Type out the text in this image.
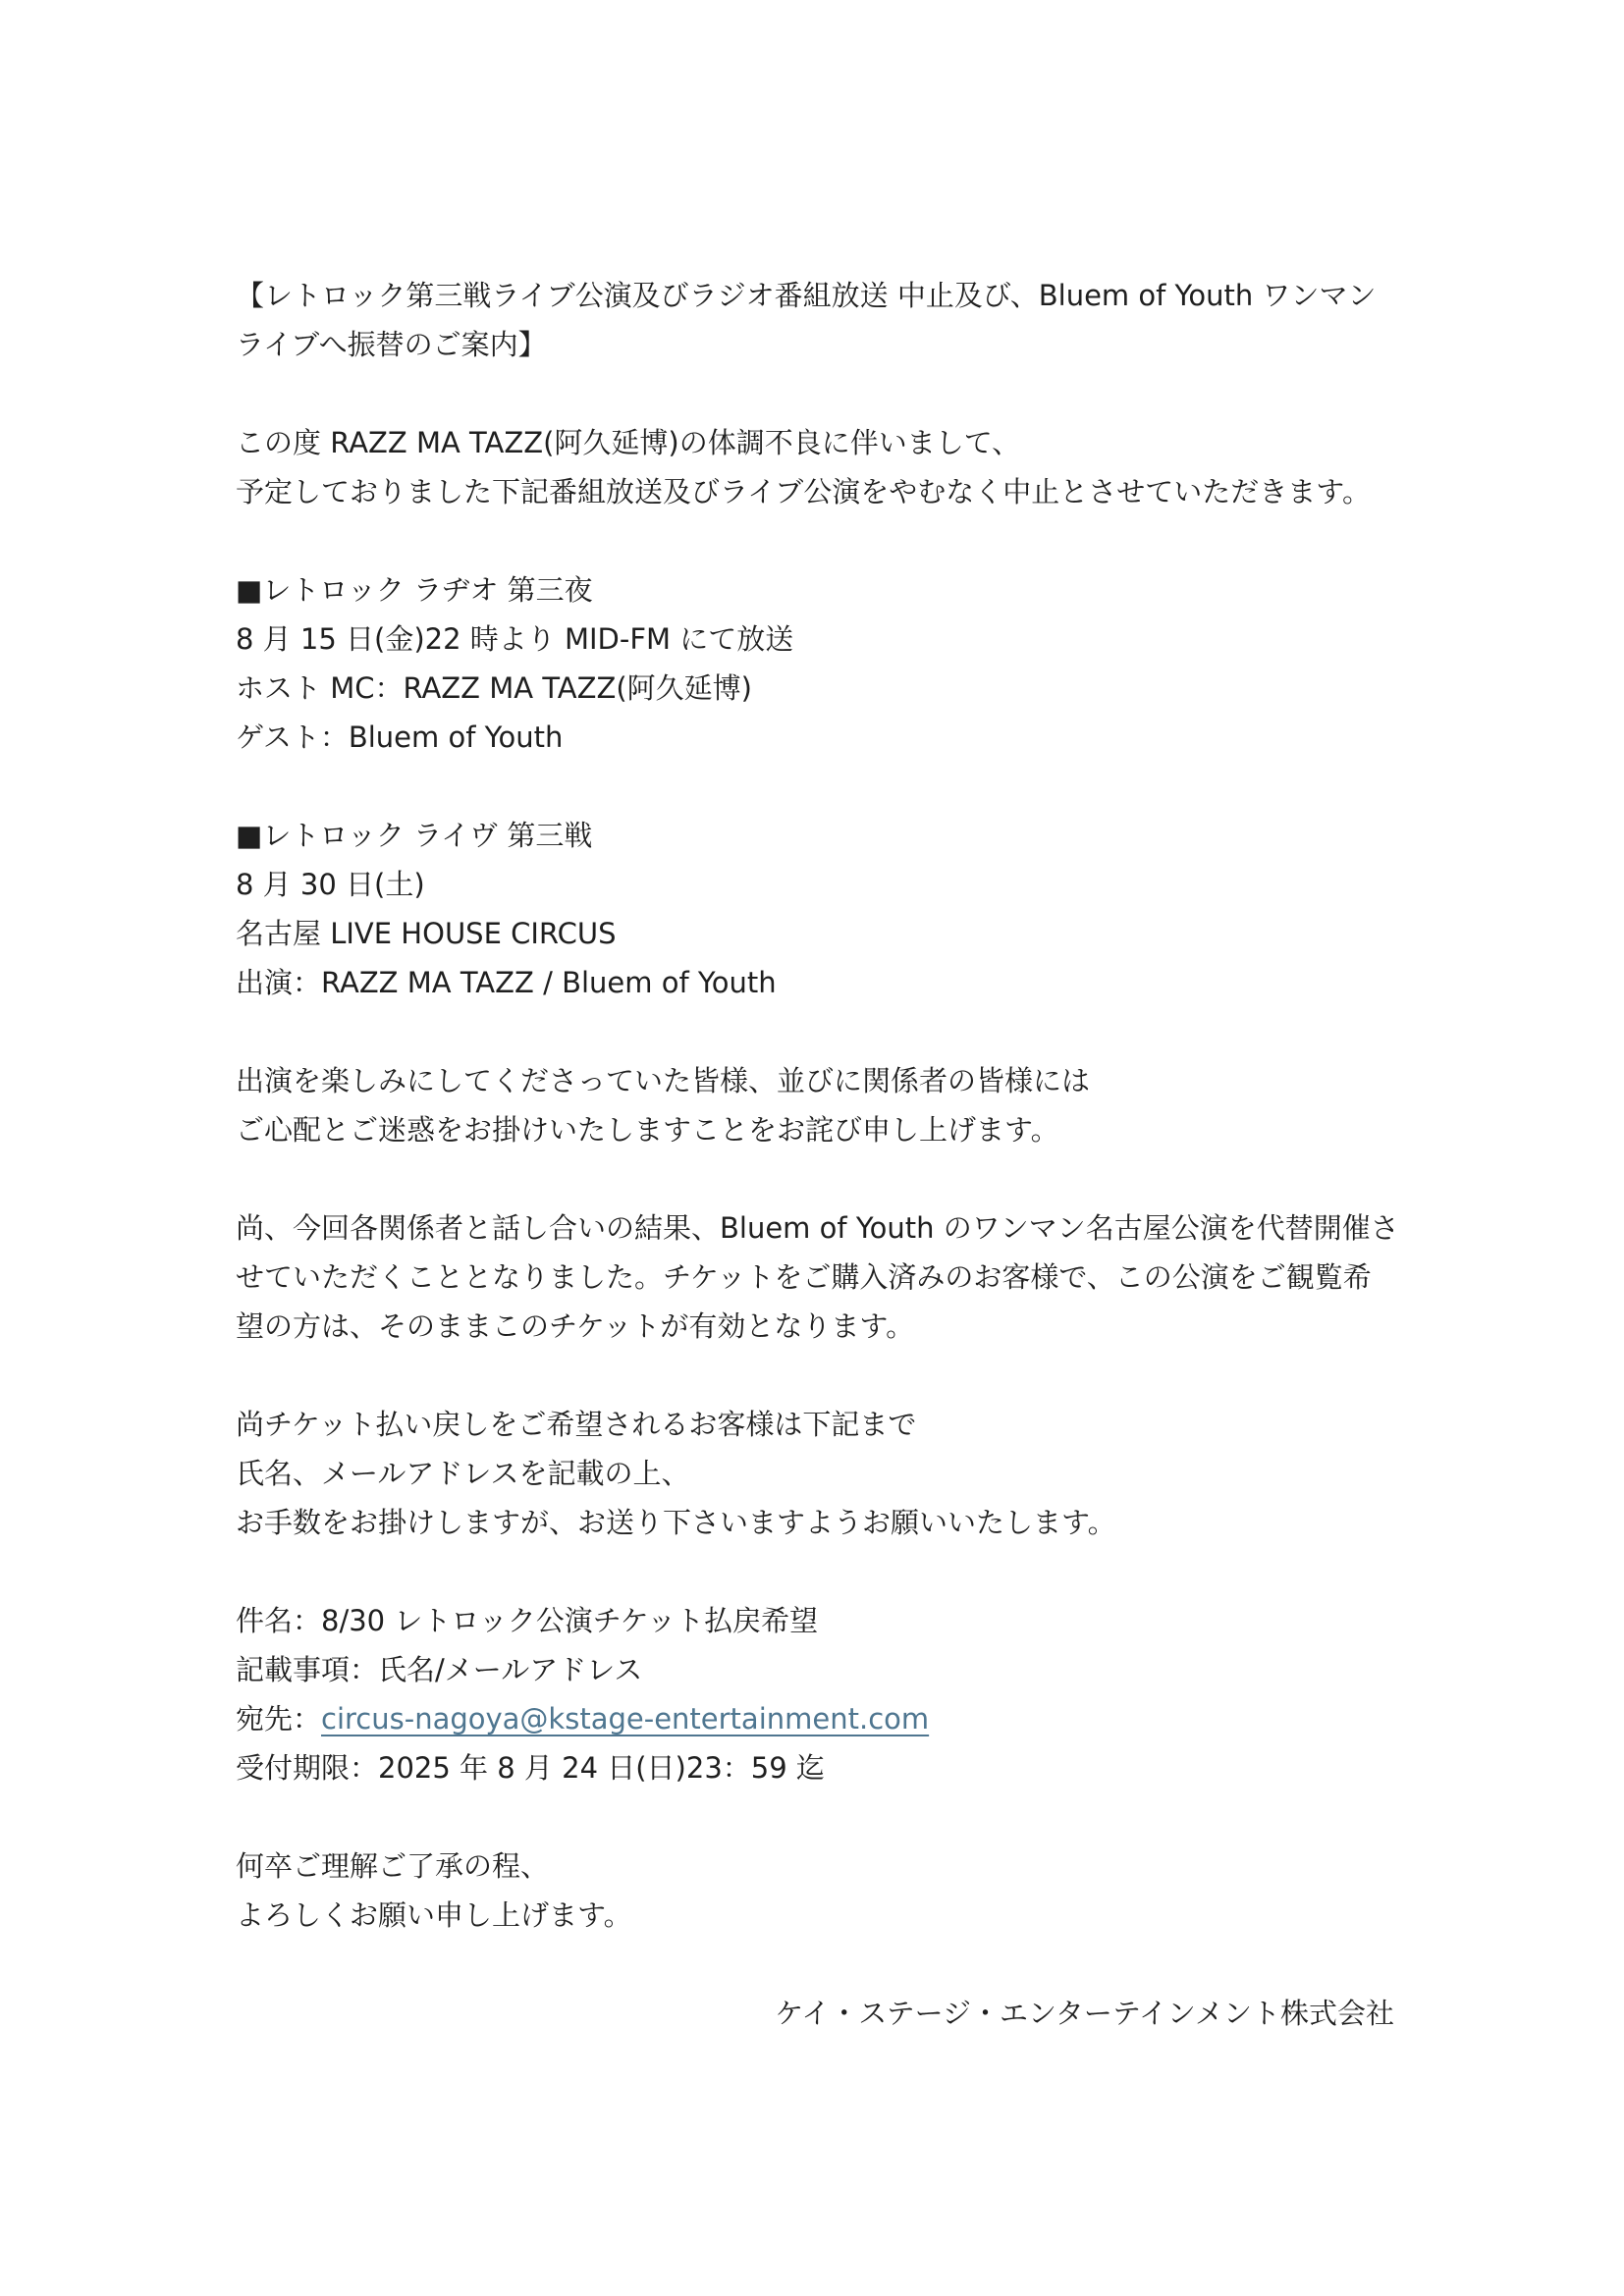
【レトロック第三戦ライブ公演及びラジオ番組放送 中止及び、Bluem of Youth ワンマン
ライブへ振替のご案内】
この度 RAZZ MA TAZZ(阿久延博)の体調不良に伴いまして、
予定しておりました下記番組放送及びライブ公演をやむなく中止とさせていただきます。
■レトロック ラヂオ 第三夜
8 月 15 日(金)22 時より MID-FM にて放送
ホスト MC：RAZZ MA TAZZ(阿久延博)
ゲスト：Bluem of Youth
■レトロック ライヴ 第三戦
8 月 30 日(土)
名古屋 LIVE HOUSE CIRCUS
出演：RAZZ MA TAZZ / Bluem of Youth
出演を楽しみにしてくださっていた皆様、並びに関係者の皆様には
ご心配とご迷惑をお掛けいたしますことをお詫び申し上げます。
尚、今回各関係者と話し合いの結果、Bluem of Youth のワンマン名古屋公演を代替開催さ
せていただくこととなりました。チケットをご購入済みのお客様で、この公演をご観覧希
望の方は、そのままこのチケットが有効となります。
尚チケット払い戻しをご希望されるお客様は下記まで
氏名、メールアドレスを記載の上、
お手数をお掛けしますが、お送り下さいますようお願いいたします。
件名：8/30 レトロック公演チケット払戻希望
記載事項：氏名/メールアドレス
宛先：circus-nagoya@kstage-entertainment.com
受付期限：2025 年 8 月 24 日(日)23：59 迄
何卒ご理解ご了承の程、
よろしくお願い申し上げます。
ケイ・ステージ・エンターテインメント株式会社
